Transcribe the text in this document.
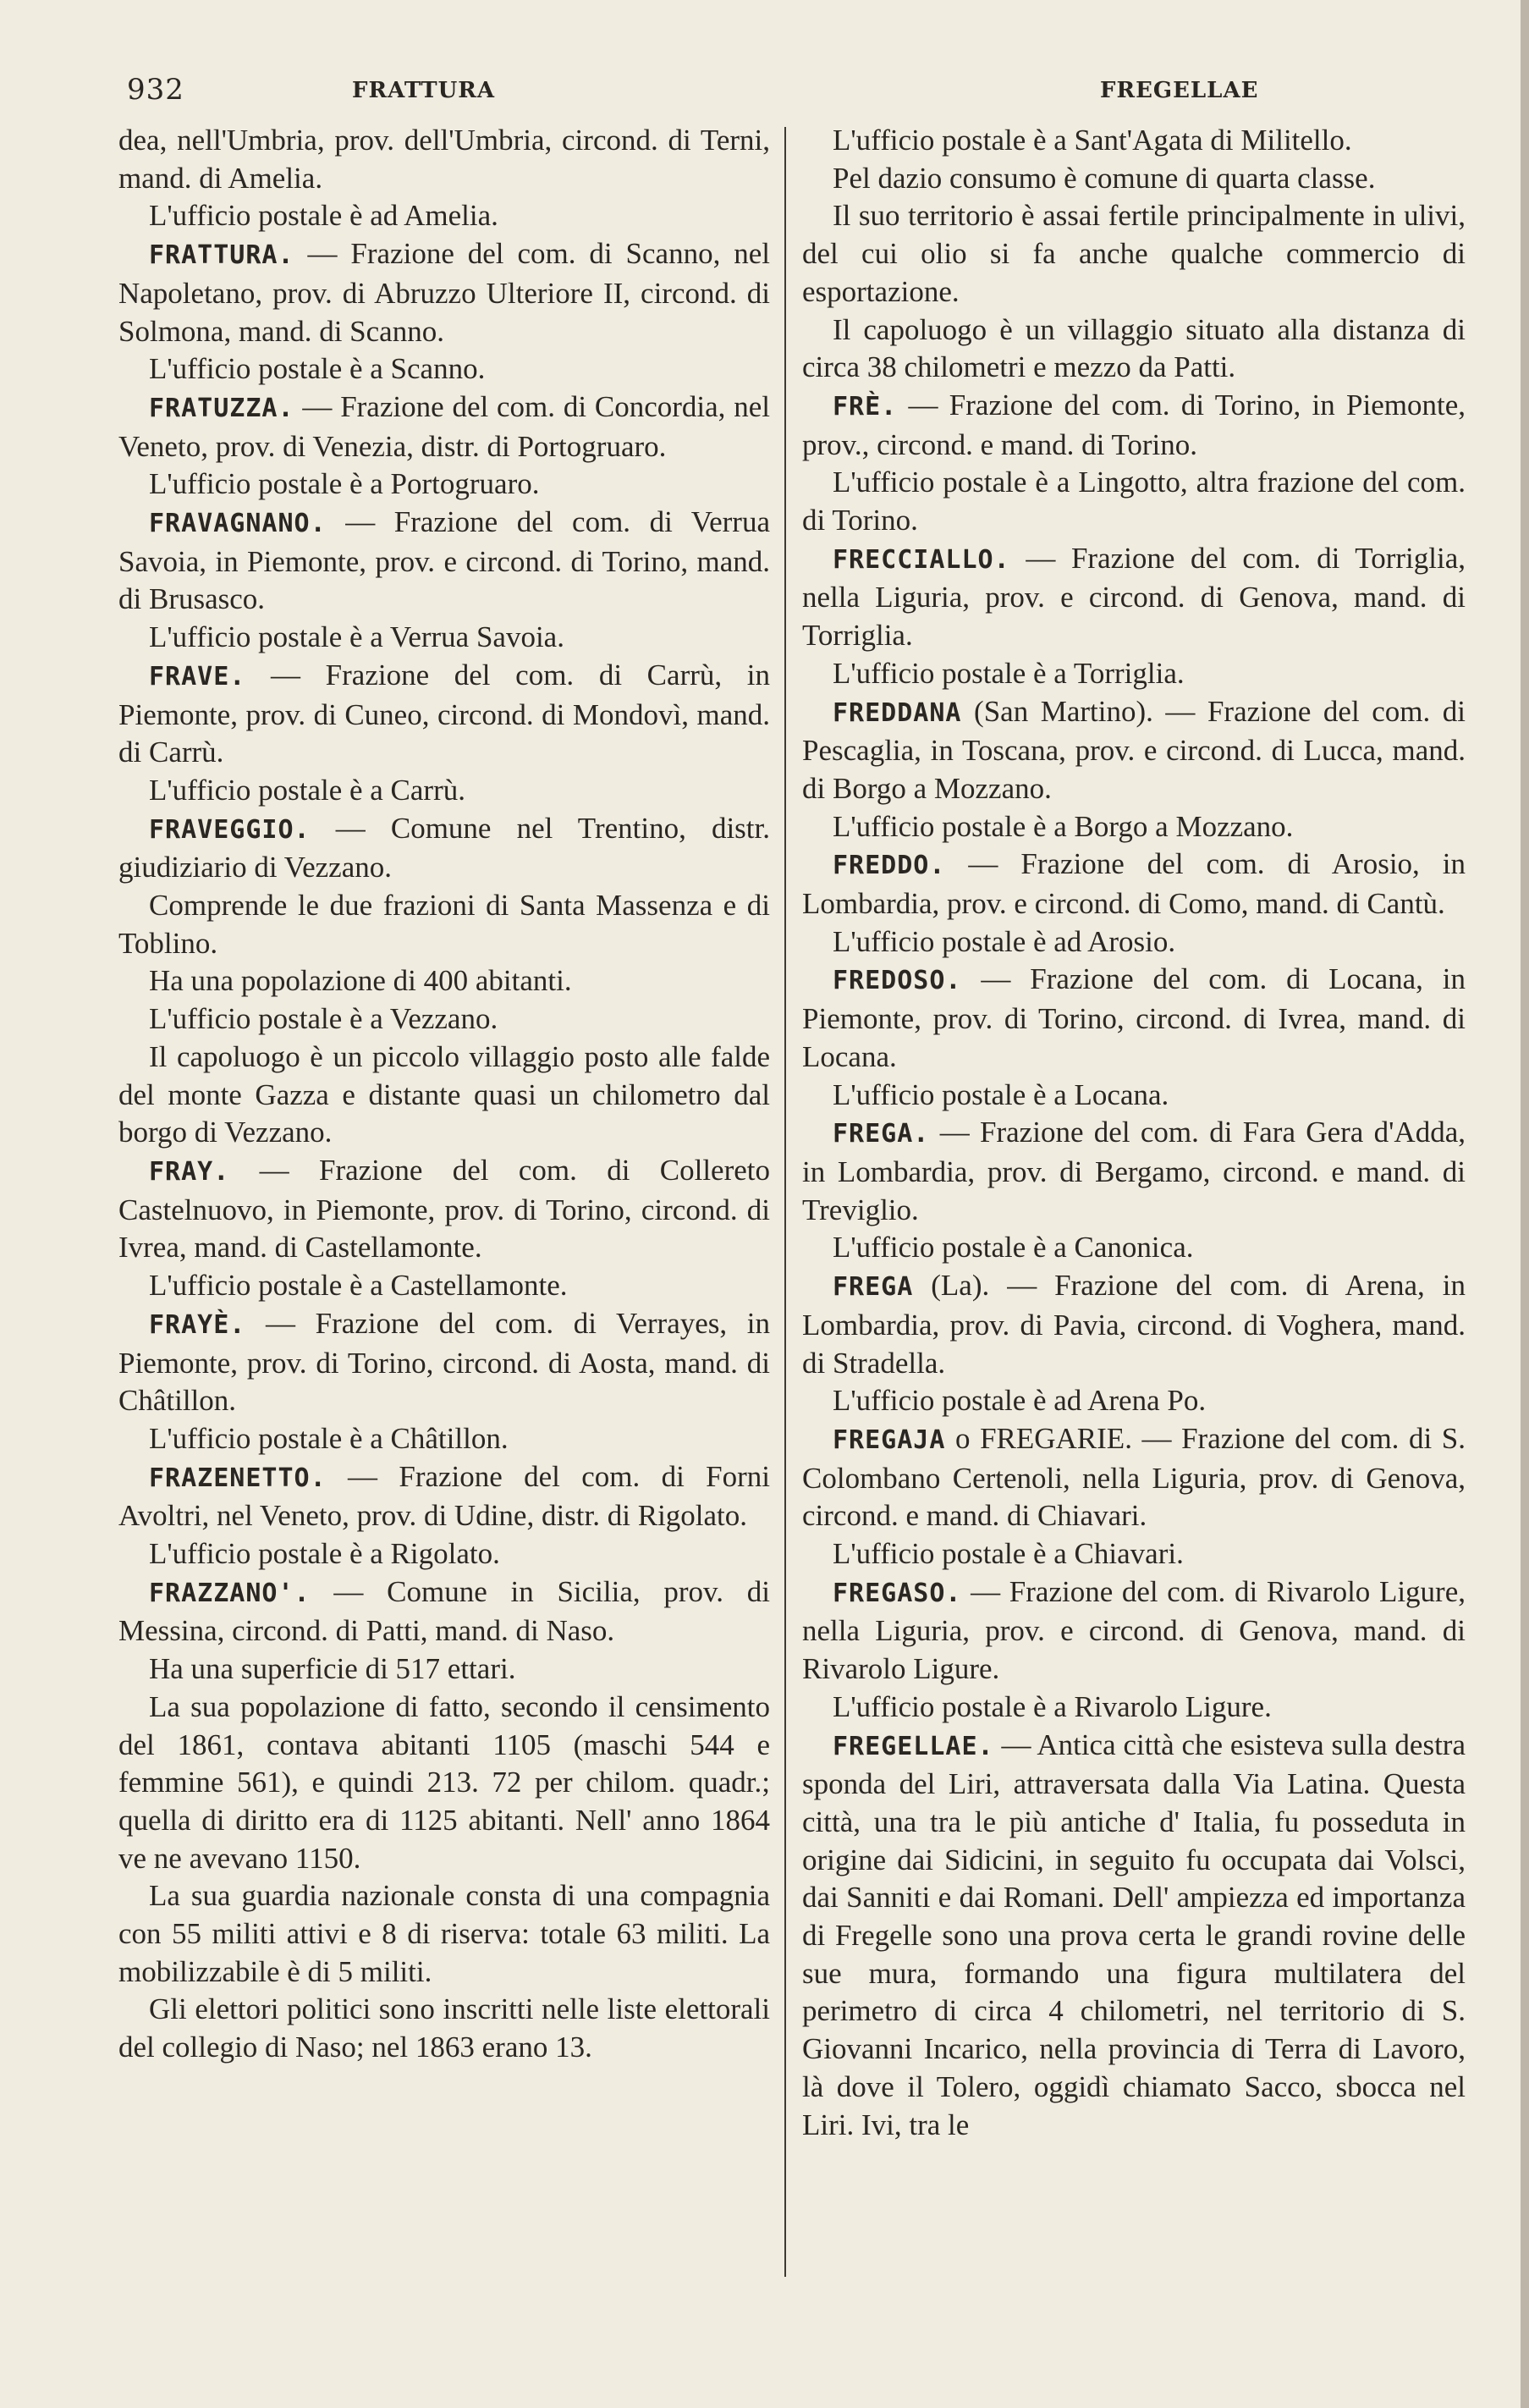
932	FRATTURA	FREGELLAE

dea, nell'Umbria, prov. dell'Umbria, circond. di Terni, mand. di Amelia.

L'ufficio postale è ad Amelia.

FRATTURA. — Frazione del com. di Scanno, nel Napoletano, prov. di Abruzzo Ulteriore II, circond. di Solmona, mand. di Scanno.

L'ufficio postale è a Scanno.

FRATUZZA. — Frazione del com. di Concordia, nel Veneto, prov. di Venezia, distr. di Portogruaro.

L'ufficio postale è a Portogruaro.

FRAVAGNANO. — Frazione del com. di Verrua Savoia, in Piemonte, prov. e circond. di Torino, mand. di Brusasco.

L'ufficio postale è a Verrua Savoia.

FRAVE. — Frazione del com. di Carrù, in Piemonte, prov. di Cuneo, circond. di Mondovì, mand. di Carrù.

L'ufficio postale è a Carrù.

FRAVEGGIO. — Comune nel Trentino, distr. giudiziario di Vezzano.

Comprende le due frazioni di Santa Massenza e di Toblino.

Ha una popolazione di 400 abitanti.

L'ufficio postale è a Vezzano.

Il capoluogo è un piccolo villaggio posto alle falde del monte Gazza e distante quasi un chilometro dal borgo di Vezzano.

FRAY. — Frazione del com. di Collereto Castelnuovo, in Piemonte, prov. di Torino, circond. di Ivrea, mand. di Castellamonte.

L'ufficio postale è a Castellamonte.

FRAYÈ. — Frazione del com. di Verrayes, in Piemonte, prov. di Torino, circond. di Aosta, mand. di Châtillon.

L'ufficio postale è a Châtillon.

FRAZENETTO. — Frazione del com. di Forni Avoltri, nel Veneto, prov. di Udine, distr. di Rigolato.

L'ufficio postale è a Rigolato.

FRAZZANO'. — Comune in Sicilia, prov. di Messina, circond. di Patti, mand. di Naso.

Ha una superficie di 517 ettari.

La sua popolazione di fatto, secondo il censimento del 1861, contava abitanti 1105 (maschi 544 e femmine 561), e quindi 213. 72 per chilom. quadr.; quella di diritto era di 1125 abitanti. Nell' anno 1864 ve ne avevano 1150.

La sua guardia nazionale consta di una compagnia con 55 militi attivi e 8 di riserva: totale 63 militi. La mobilizzabile è di 5 militi.

Gli elettori politici sono inscritti nelle liste elettorali del collegio di Naso; nel 1863 erano 13.

L'ufficio postale è a Sant'Agata di Militello.

Pel dazio consumo è comune di quarta classe.

Il suo territorio è assai fertile principalmente in ulivi, del cui olio si fa anche qualche commercio di esportazione.

Il capoluogo è un villaggio situato alla distanza di circa 38 chilometri e mezzo da Patti.

FRÈ. — Frazione del com. di Torino, in Piemonte, prov., circond. e mand. di Torino.

L'ufficio postale è a Lingotto, altra frazione del com. di Torino.

FRECCIALLO. — Frazione del com. di Torriglia, nella Liguria, prov. e circond. di Genova, mand. di Torriglia.

L'ufficio postale è a Torriglia.

FREDDANA (San Martino). — Frazione del com. di Pescaglia, in Toscana, prov. e circond. di Lucca, mand. di Borgo a Mozzano.

L'ufficio postale è a Borgo a Mozzano.

FREDDO. — Frazione del com. di Arosio, in Lombardia, prov. e circond. di Como, mand. di Cantù.

L'ufficio postale è ad Arosio.

FREDOSO. — Frazione del com. di Locana, in Piemonte, prov. di Torino, circond. di Ivrea, mand. di Locana.

L'ufficio postale è a Locana.

FREGA. — Frazione del com. di Fara Gera d'Adda, in Lombardia, prov. di Bergamo, circond. e mand. di Treviglio.

L'ufficio postale è a Canonica.

FREGA (La). — Frazione del com. di Arena, in Lombardia, prov. di Pavia, circond. di Voghera, mand. di Stradella.

L'ufficio postale è ad Arena Po.

FREGAJA o FREGARIE. — Frazione del com. di S. Colombano Certenoli, nella Liguria, prov. di Genova, circond. e mand. di Chiavari.

L'ufficio postale è a Chiavari.

FREGASO. — Frazione del com. di Rivarolo Ligure, nella Liguria, prov. e circond. di Genova, mand. di Rivarolo Ligure.

L'ufficio postale è a Rivarolo Ligure.

FREGELLAE. — Antica città che esisteva sulla destra sponda del Liri, attraversata dalla Via Latina. Questa città, una tra le più antiche d' Italia, fu posseduta in origine dai Sidicini, in seguito fu occupata dai Volsci, dai Sanniti e dai Romani. Dell' ampiezza ed importanza di Fregelle sono una prova certa le grandi rovine delle sue mura, formando una figura multilatera del perimetro di circa 4 chilometri, nel territorio di S. Giovanni Incarico, nella provincia di Terra di Lavoro, là dove il Tolero, oggidì chiamato Sacco, sbocca nel Liri. Ivi, tra le
